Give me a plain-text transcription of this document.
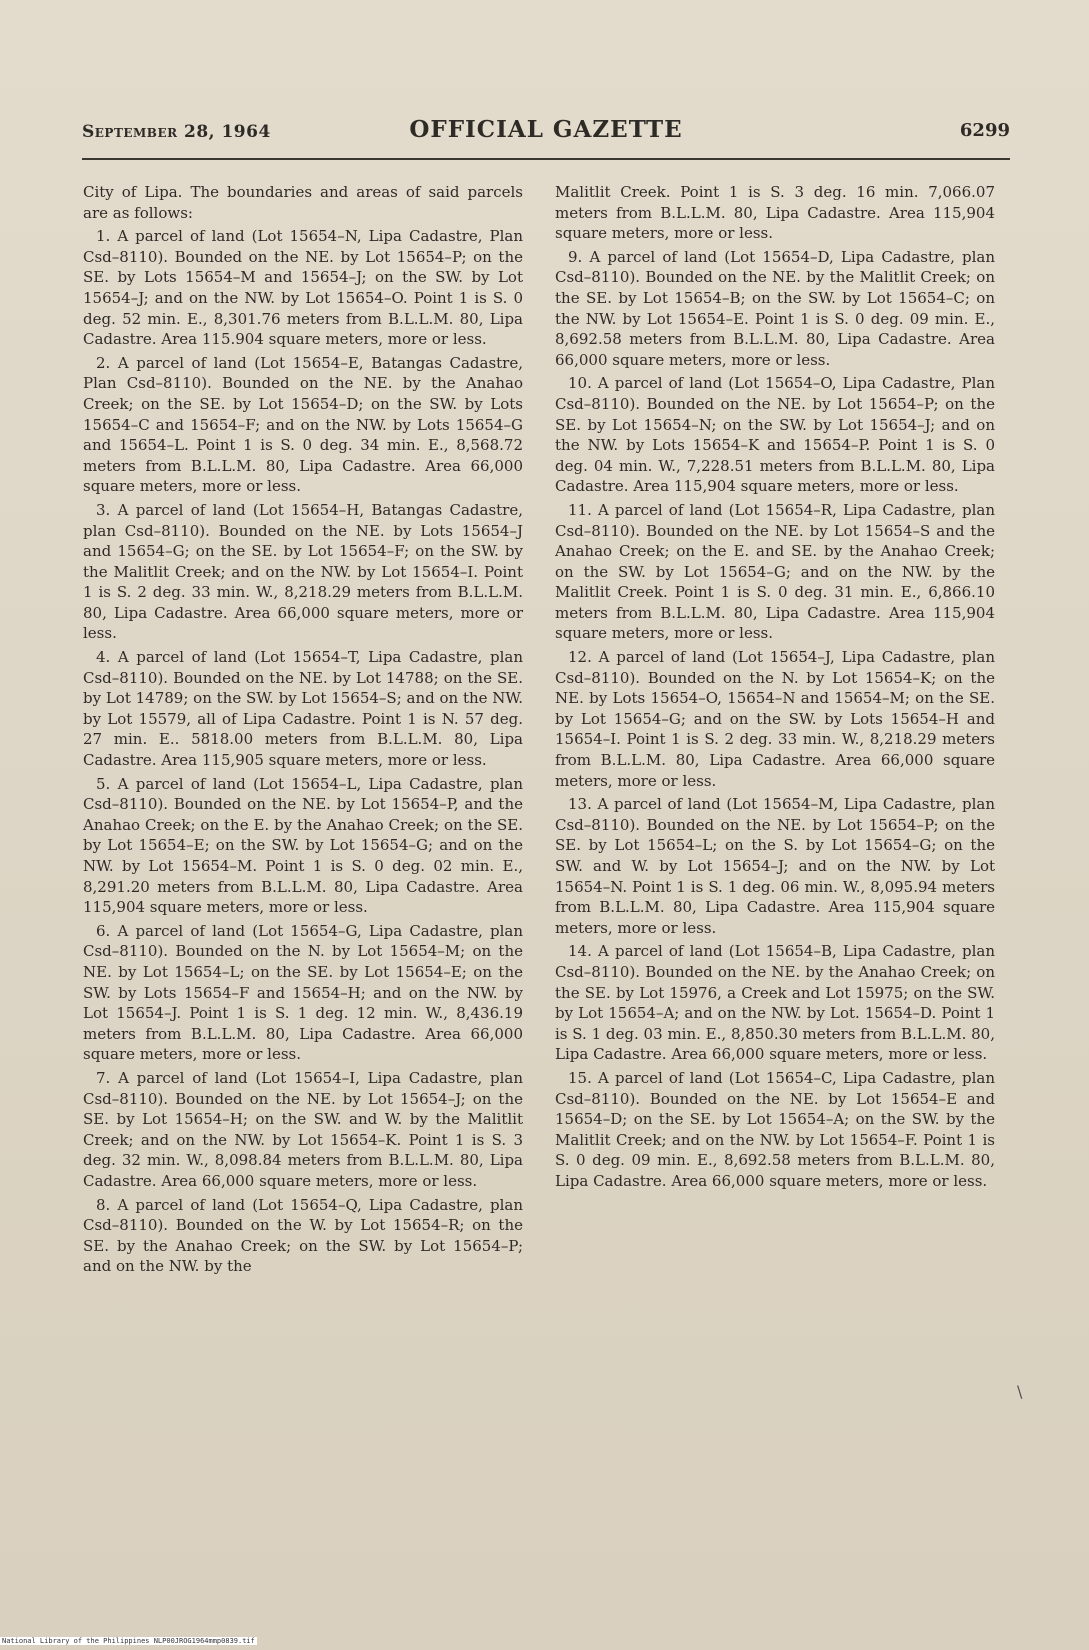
September 28, 1964	OFFICIAL GAZETTE	6299

City of Lipa. The boundaries and areas of said parcels are as follows:

1. A parcel of land (Lot 15654–N, Lipa Cadastre, Plan Csd–8110). Bounded on the NE. by Lot 15654–P; on the SE. by Lots 15654–M and 15654–J; on the SW. by Lot 15654–J; and on the NW. by Lot 15654–O. Point 1 is S. 0 deg. 52 min. E., 8,301.76 meters from B.L.L.M. 80, Lipa Cadastre. Area 115.904 square meters, more or less.

2. A parcel of land (Lot 15654–E, Batangas Cadastre, Plan Csd–8110). Bounded on the NE. by the Anahao Creek; on the SE. by Lot 15654–D; on the SW. by Lots 15654–C and 15654–F; and on the NW. by Lots 15654–G and 15654–L. Point 1 is S. 0 deg. 34 min. E., 8,568.72 meters from B.L.L.M. 80, Lipa Cadastre. Area 66,000 square meters, more or less.

3. A parcel of land (Lot 15654–H, Batangas Cadastre, plan Csd–8110). Bounded on the NE. by Lots 15654–J and 15654–G; on the SE. by Lot 15654–F; on the SW. by the Malitlit Creek; and on the NW. by Lot 15654–I. Point 1 is S. 2 deg. 33 min. W., 8,218.29 meters from B.L.L.M. 80, Lipa Cadastre. Area 66,000 square meters, more or less.

4. A parcel of land (Lot 15654–T, Lipa Cadastre, plan Csd–8110). Bounded on the NE. by Lot 14788; on the SE. by Lot 14789; on the SW. by Lot 15654–S; and on the NW. by Lot 15579, all of Lipa Cadastre. Point 1 is N. 57 deg. 27 min. E.. 5818.00 meters from B.L.L.M. 80, Lipa Cadastre. Area 115,905 square meters, more or less.

5. A parcel of land (Lot 15654–L, Lipa Cadastre, plan Csd–8110). Bounded on the NE. by Lot 15654–P, and the Anahao Creek; on the E. by the Anahao Creek; on the SE. by Lot 15654–E; on the SW. by Lot 15654–G; and on the NW. by Lot 15654–M. Point 1 is S. 0 deg. 02 min. E., 8,291.20 meters from B.L.L.M. 80, Lipa Cadastre. Area 115,904 square meters, more or less.

6. A parcel of land (Lot 15654–G, Lipa Cadastre, plan Csd–8110). Bounded on the N. by Lot 15654–M; on the NE. by Lot 15654–L; on the SE. by Lot 15654–E; on the SW. by Lots 15654–F and 15654–H; and on the NW. by Lot 15654–J. Point 1 is S. 1 deg. 12 min. W., 8,436.19 meters from B.L.L.M. 80, Lipa Cadastre. Area 66,000 square meters, more or less.

7. A parcel of land (Lot 15654–I, Lipa Cadastre, plan Csd–8110). Bounded on the NE. by Lot 15654–J; on the SE. by Lot 15654–H; on the SW. and W. by the Malitlit Creek; and on the NW. by Lot 15654–K. Point 1 is S. 3 deg. 32 min. W., 8,098.84 meters from B.L.L.M. 80, Lipa Cadastre. Area 66,000 square meters, more or less.

8. A parcel of land (Lot 15654–Q, Lipa Cadastre, plan Csd–8110). Bounded on the W. by Lot 15654–R; on the SE. by the Anahao Creek; on the SW. by Lot 15654–P; and on the NW. by the

Malitlit Creek. Point 1 is S. 3 deg. 16 min. 7,066.07 meters from B.L.L.M. 80, Lipa Cadastre. Area 115,904 square meters, more or less.

9. A parcel of land (Lot 15654–D, Lipa Cadastre, plan Csd–8110). Bounded on the NE. by the Malitlit Creek; on the SE. by Lot 15654–B; on the SW. by Lot 15654–C; on the NW. by Lot 15654–E. Point 1 is S. 0 deg. 09 min. E., 8,692.58 meters from B.L.L.M. 80, Lipa Cadastre. Area 66,000 square meters, more or less.

10. A parcel of land (Lot 15654–O, Lipa Cadastre, Plan Csd–8110). Bounded on the NE. by Lot 15654–P; on the SE. by Lot 15654–N; on the SW. by Lot 15654–J; and on the NW. by Lots 15654–K and 15654–P. Point 1 is S. 0 deg. 04 min. W., 7,228.51 meters from B.L.L.M. 80, Lipa Cadastre. Area 115,904 square meters, more or less.

11. A parcel of land (Lot 15654–R, Lipa Cadastre, plan Csd–8110). Bounded on the NE. by Lot 15654–S and the Anahao Creek; on the E. and SE. by the Anahao Creek; on the SW. by Lot 15654–G; and on the NW. by the Malitlit Creek. Point 1 is S. 0 deg. 31 min. E., 6,866.10 meters from B.L.L.M. 80, Lipa Cadastre. Area 115,904 square meters, more or less.

12. A parcel of land (Lot 15654–J, Lipa Cadastre, plan Csd–8110). Bounded on the N. by Lot 15654–K; on the NE. by Lots 15654–O, 15654–N and 15654–M; on the SE. by Lot 15654–G; and on the SW. by Lots 15654–H and 15654–I. Point 1 is S. 2 deg. 33 min. W., 8,218.29 meters from B.L.L.M. 80, Lipa Cadastre. Area 66,000 square meters, more or less.

13. A parcel of land (Lot 15654–M, Lipa Cadastre, plan Csd–8110). Bounded on the NE. by Lot 15654–P; on the SE. by Lot 15654–L; on the S. by Lot 15654–G; on the SW. and W. by Lot 15654–J; and on the NW. by Lot 15654–N. Point 1 is S. 1 deg. 06 min. W., 8,095.94 meters from B.L.L.M. 80, Lipa Cadastre. Area 115,904 square meters, more or less.

14. A parcel of land (Lot 15654–B, Lipa Cadastre, plan Csd–8110). Bounded on the NE. by the Anahao Creek; on the SE. by Lot 15976, a Creek and Lot 15975; on the SW. by Lot 15654–A; and on the NW. by Lot. 15654–D. Point 1 is S. 1 deg. 03 min. E., 8,850.30 meters from B.L.L.M. 80, Lipa Cadastre. Area 66,000 square meters, more or less.

15. A parcel of land (Lot 15654–C, Lipa Cadastre, plan Csd–8110). Bounded on the NE. by Lot 15654–E and 15654–D; on the SE. by Lot 15654–A; on the SW. by the Malitlit Creek; and on the NW. by Lot 15654–F. Point 1 is S. 0 deg. 09 min. E., 8,692.58 meters from B.L.L.M. 80, Lipa Cadastre. Area 66,000 square meters, more or less.

\
National Library of the Philippines NLP00JROG1964mmp0839.tif
